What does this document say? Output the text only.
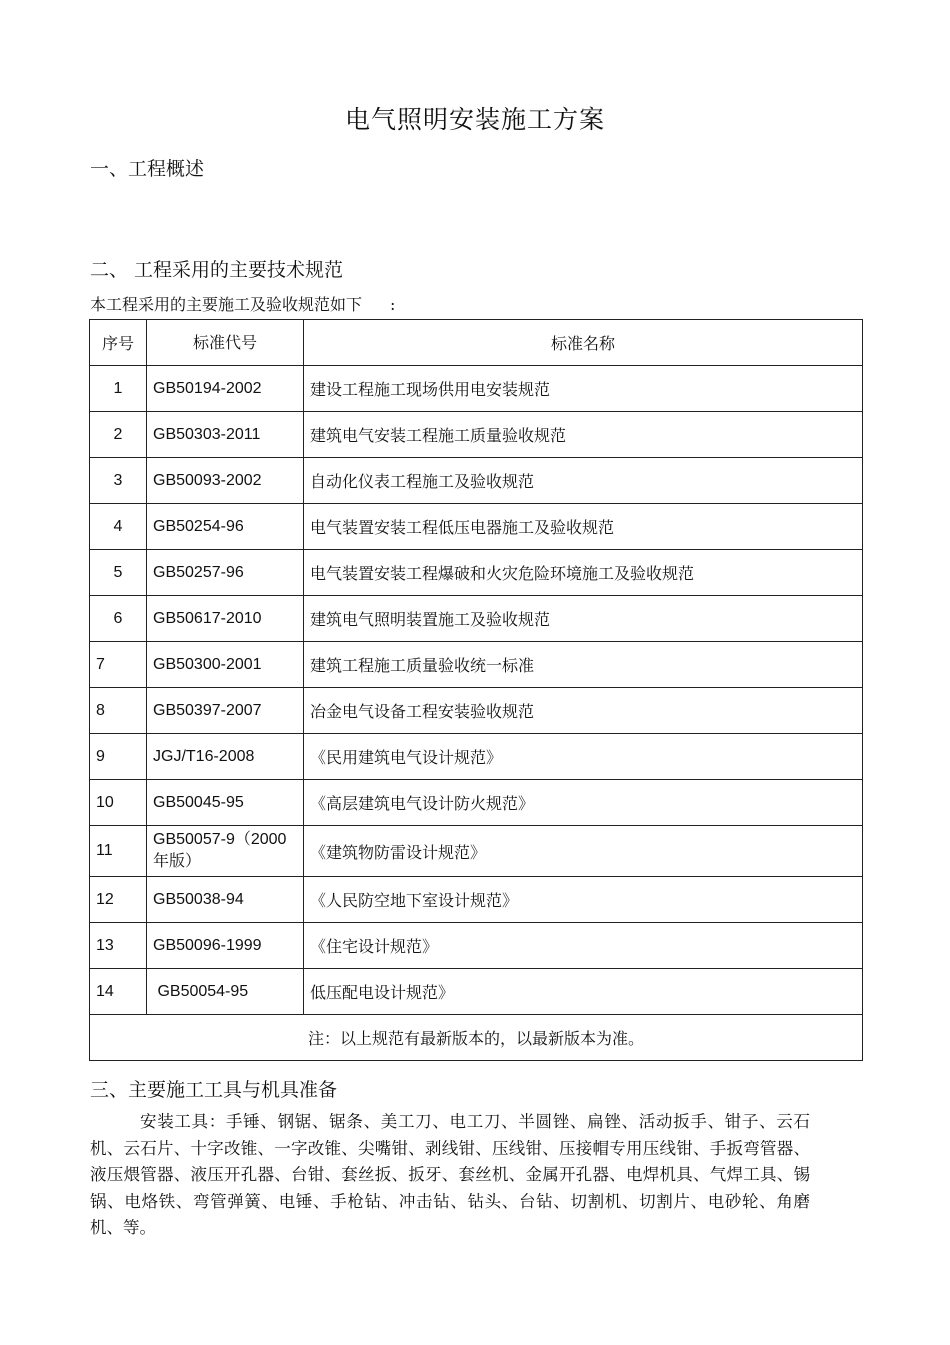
电气照明安装施工方案
一、工程概述
二、 工程采用的主要技术规范
本工程采用的主要施工及验收规范如下 :
序号	标准代号	标准名称
1	GB50194-2002	建设工程施工现场供用电安装规范
2	GB50303-2011	建筑电气安装工程施工质量验收规范
3	GB50093-2002	自动化仪表工程施工及验收规范
4	GB50254-96	电气装置安装工程低压电器施工及验收规范
5	GB50257-96	电气装置安装工程爆破和火灾危险环境施工及验收规范
6	GB50617-2010	建筑电气照明装置施工及验收规范
7	GB50300-2001	建筑工程施工质量验收统一标准
8	GB50397-2007	冶金电气设备工程安装验收规范
9	JGJ/T16-2008	《民用建筑电气设计规范》
10	GB50045-95	《高层建筑电气设计防火规范》
11	GB50057-9（2000年版）	《建筑物防雷设计规范》
12	GB50038-94	《人民防空地下室设计规范》
13	GB50096-1999	《住宅设计规范》
14	GB50054-95	低压配电设计规范》
注：以上规范有最新版本的，以最新版本为准。		
三、主要施工工具与机具准备
安装工具：手锤、钢锯、锯条、美工刀、电工刀、半圆锉、扁锉、活动扳手、钳子、云石机、云石片、十字改锥、一字改锥、尖嘴钳、剥线钳、压线钳、压接帽专用压线钳、手扳弯管器、液压煨管器、液压开孔器、台钳、套丝扳、扳牙、套丝机、金属开孔器、电焊机具、气焊工具、锡锅、电烙铁、弯管弹簧、电锤、手枪钻、冲击钻、钻头、台钻、切割机、切割片、电砂轮、角磨机、等。
